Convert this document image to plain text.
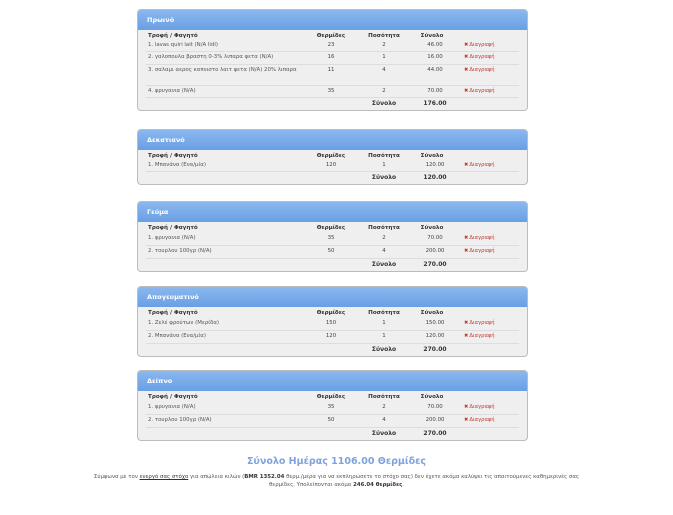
Πρωινό
Τροφή / Φαγητό	Θερμίδες	Ποσότητα	Σύνολο
1. lavas quiri lait (N/A lidl)	23	2	46.00	✖Διαγραφή
2. γαλοπουλα βραστη 0-3% λιπαρα φετα (N/A)	16	1	16.00	✖Διαγραφή
3. σαλαμι αερος καπνιστο λαιτ φετα (N/A) 20% λιπαρα	11	4	44.00	✖Διαγραφή
4. φρυγανια (N/A)	35	2	70.00	✖Διαγραφή
Σύνολο	176.00
Δεκατιανό
Τροφή / Φαγητό	Θερμίδες	Ποσότητα	Σύνολο
1. Μπανάνα (Ενα/μία)	120	1	120.00	✖Διαγραφή
Σύνολο	120.00
Γεύμα
Τροφή / Φαγητό	Θερμίδες	Ποσότητα	Σύνολο
1. φρυγανια (N/A)	35	2	70.00	✖Διαγραφή
2. τουρλου 100γρ (N/A)	50	4	200.00	✖Διαγραφή
Σύνολο	270.00
Απογευματινό
Τροφή / Φαγητό	Θερμίδες	Ποσότητα	Σύνολο
1. Ζελέ φρούτων (Μερίδα)	150	1	150.00	✖Διαγραφή
2. Μπανάνα (Ενα/μία)	120	1	120.00	✖Διαγραφή
Σύνολο	270.00
Δείπνο
Τροφή / Φαγητό	Θερμίδες	Ποσότητα	Σύνολο
1. φρυγανια (N/A)	35	2	70.00	✖Διαγραφή
2. τουρλου 100γρ (N/A)	50	4	200.00	✖Διαγραφή
Σύνολο	270.00
Σύνολο Ημέρας 1106.00 Θερμίδες
Σύμφωνα με τον ενεργό σας στόχο για απώλεια κιλών (BMR 1352.04 θερμ./μέρα για να εκπληρώσετε το στόχο σας) δεν έχετε ακόμα καλύψει τις απαιτούμενες καθημερινές σας θερμίδες. Υπολείπονται ακόμα 246.04 θερμίδες.
